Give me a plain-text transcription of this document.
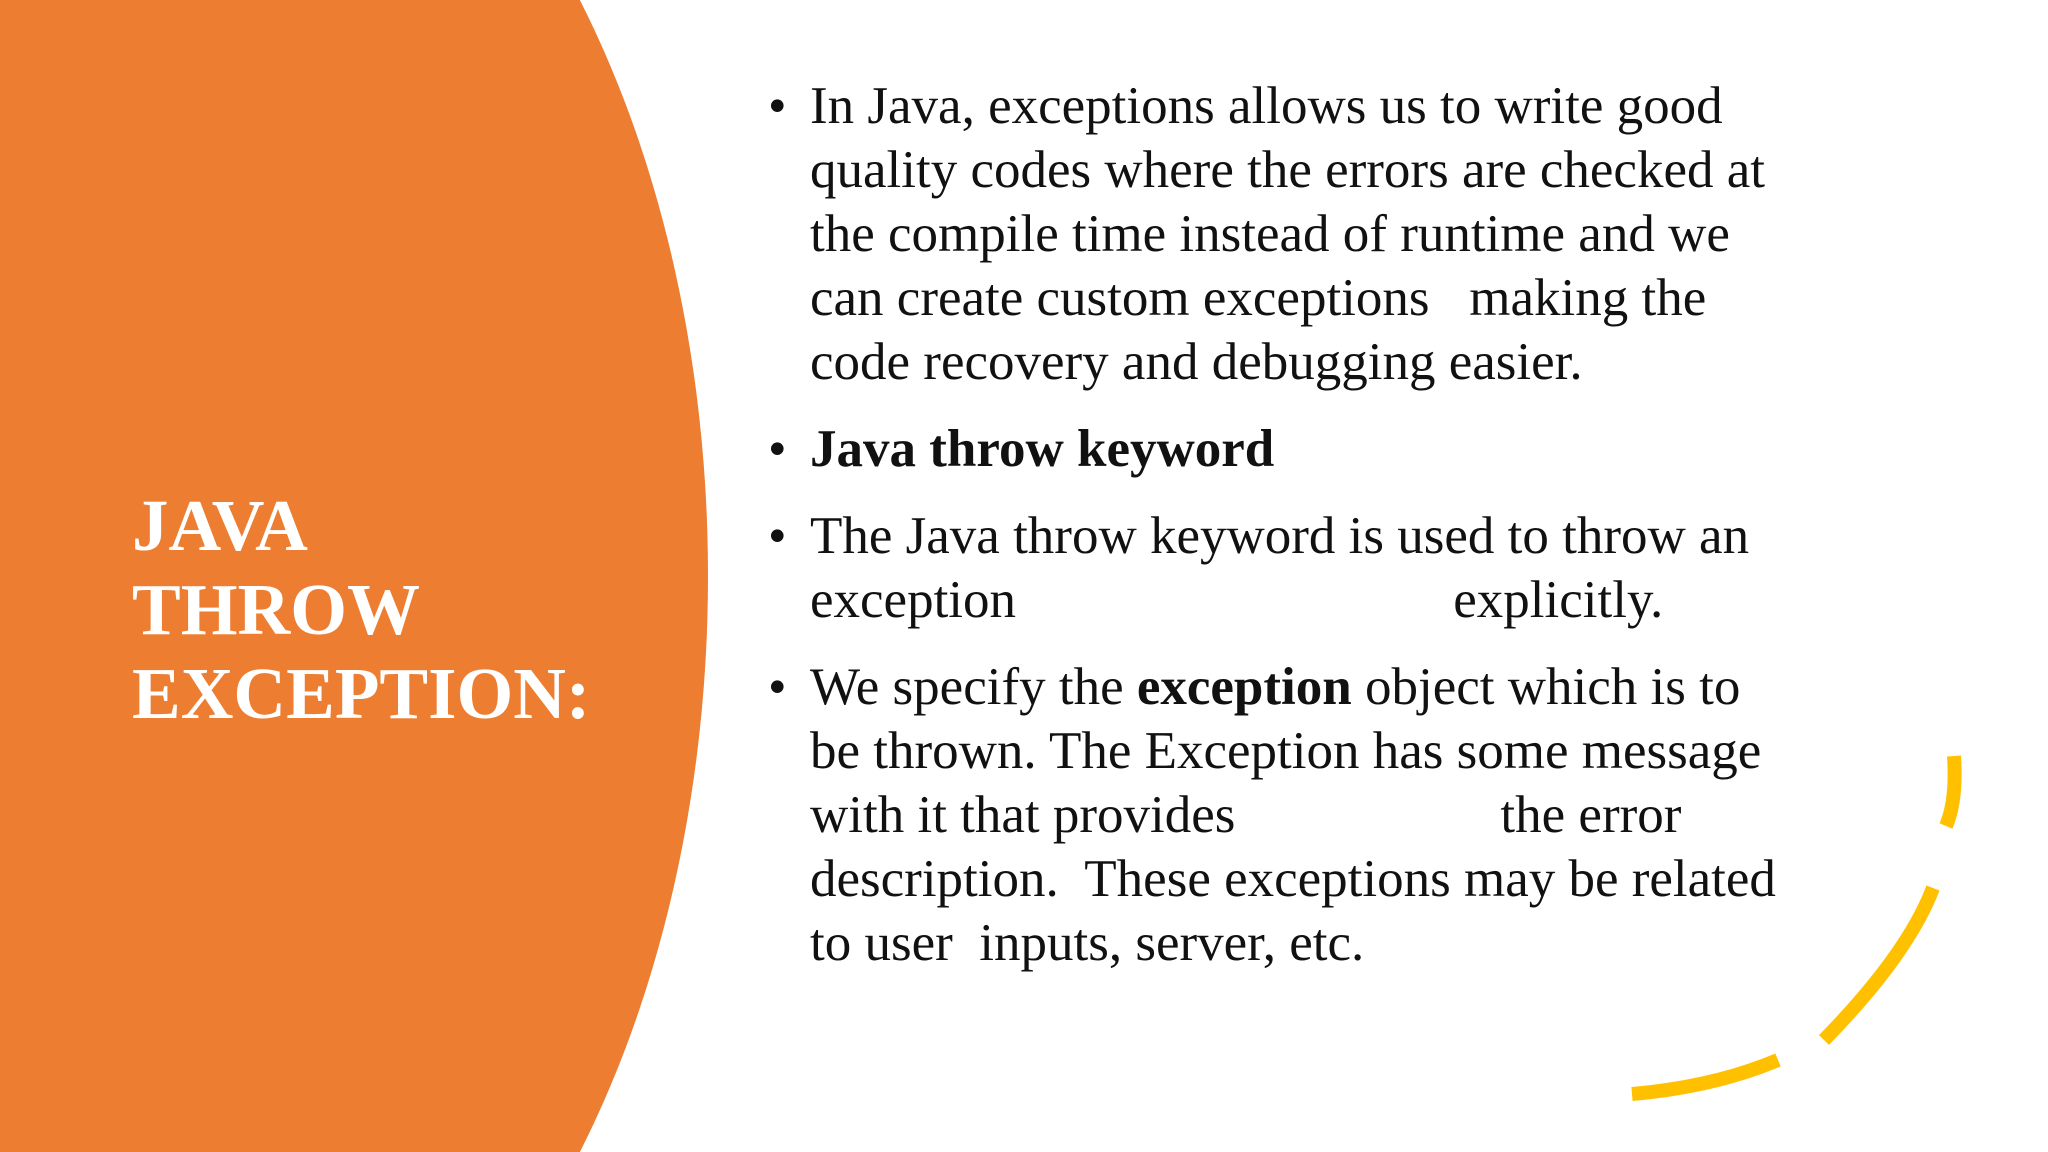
JAVA
THROW
EXCEPTION:
• In Java, exceptions allows us to write good
quality codes where the errors are checked at
the compile time instead of runtime and we
can create custom exceptions   making the
code recovery and debugging easier.
• Java throw keyword
• The Java throw keyword is used to throw an
exception                                 explicitly.
• We specify the exception object which is to
be thrown. The Exception has some message
with it that provides                    the error
description.  These exceptions may be related
to user  inputs, server, etc.
